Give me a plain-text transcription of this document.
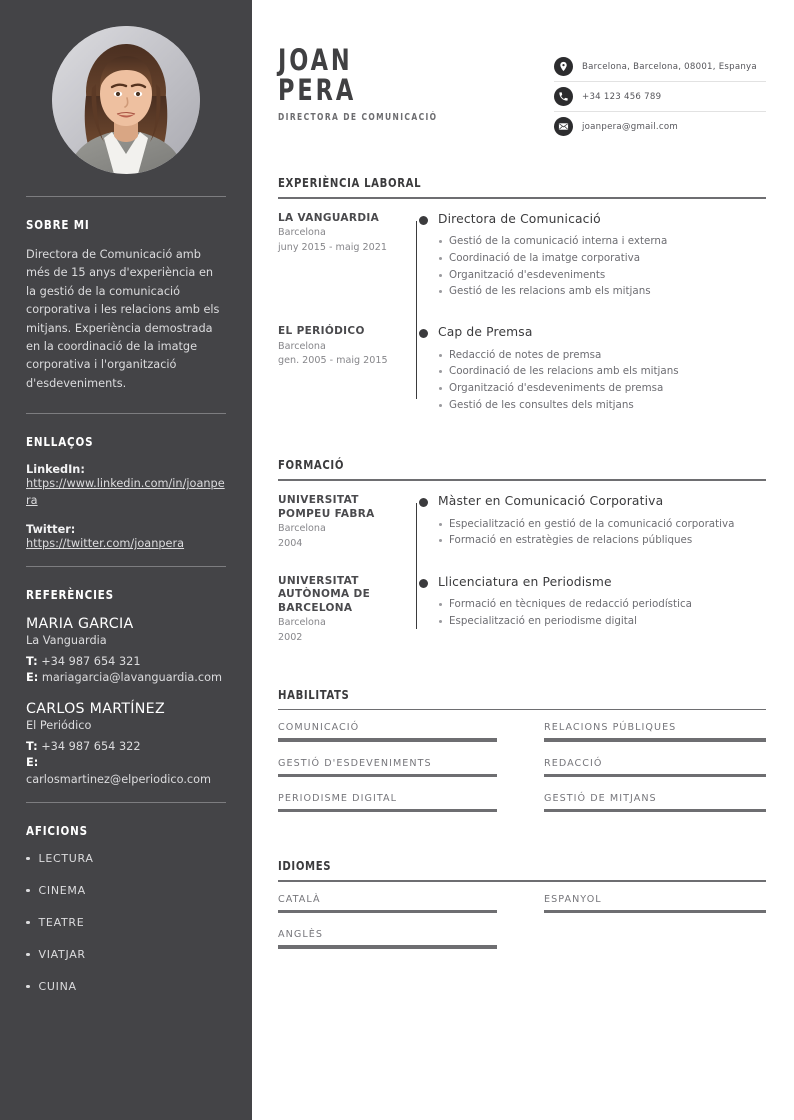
SOBRE MI
Directora de Comunicació amb més de 15 anys d'experiència en la gestió de la comunicació corporativa i les relacions amb els mitjans. Experiència demostrada en la coordinació de la imatge corporativa i l'organització d'esdeveniments.
ENLLAÇOS
LinkedIn:
https://www.linkedin.com/in/joanpera
Twitter:
https://twitter.com/joanpera
REFERÈNCIES
MARIA GARCIA
La Vanguardia
T: +34 987 654 321
E: mariagarcia@lavanguardia.com
CARLOS MARTÍNEZ
El Periódico
T: +34 987 654 322
E: carlosmartinez@elperiodico.com
AFICIONS
LECTURA
CINEMA
TEATRE
VIATJAR
CUINA
JOAN
PERA
DIRECTORA DE COMUNICACIÓ
Barcelona, Barcelona, 08001, Espanya
+34 123 456 789
joanpera@gmail.com
EXPERIÈNCIA LABORAL
LA VANGUARDIA
Barcelona
juny 2015 - maig 2021
Directora de Comunicació
Gestió de la comunicació interna i externa
Coordinació de la imatge corporativa
Organització d'esdeveniments
Gestió de les relacions amb els mitjans
EL PERIÓDICO
Barcelona
gen. 2005 - maig 2015
Cap de Premsa
Redacció de notes de premsa
Coordinació de les relacions amb els mitjans
Organització d'esdeveniments de premsa
Gestió de les consultes dels mitjans
FORMACIÓ
UNIVERSITAT POMPEU FABRA
Barcelona
2004
Màster en Comunicació Corporativa
Especialització en gestió de la comunicació corporativa
Formació en estratègies de relacions públiques
UNIVERSITAT AUTÒNOMA DE BARCELONA
Barcelona
2002
Llicenciatura en Periodisme
Formació en tècniques de redacció periodística
Especialització en periodisme digital
HABILITATS
COMUNICACIÓ	RELACIONS PÚBLIQUES
GESTIÓ D'ESDEVENIMENTS	REDACCIÓ
PERIODISME DIGITAL	GESTIÓ DE MITJANS
IDIOMES
CATALÀ	ESPANYOL
ANGLÈS
